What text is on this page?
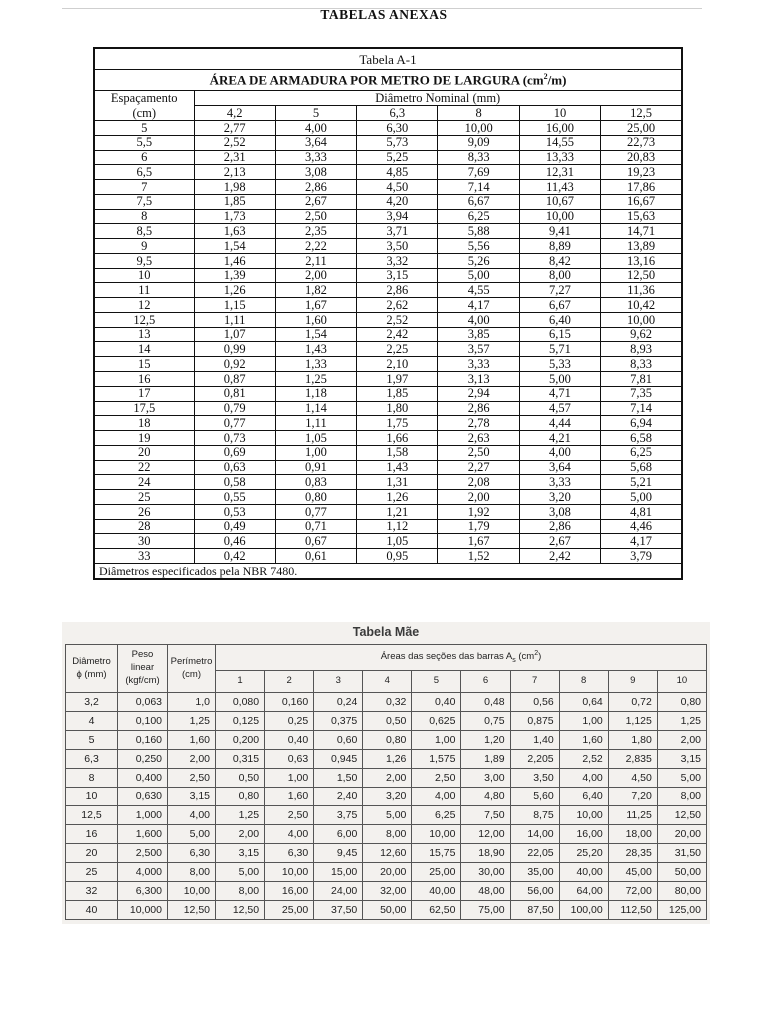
TABELAS ANEXAS
Tabela A-1						
ÁREA DE ARMADURA POR METRO DE LARGURA $(cm^2/m)$						
Espaçamento	Diâmetro Nominal (mm)					
(cm)	4,2	5	6,3	8	10	12,5
5	2,77	4,00	6,30	10,00	16,00	25,00
5,5	2,52	3,64	5,73	9,09	14,55	22,73
6	2,31	3,33	5,25	8,33	13,33	20,83
6,5	2,13	3,08	4,85	7,69	12,31	19,23
7	1,98	2,86	4,50	7,14	11,43	17,86
7,5	1,85	2,67	4,20	6,67	10,67	16,67
8	1,73	2,50	3,94	6,25	10,00	15,63
8,5	1,63	2,35	3,71	5,88	9,41	14,71
9	1,54	2,22	3,50	5,56	8,89	13,89
9,5	1,46	2,11	3,32	5,26	8,42	13,16
10	1,39	2,00	3,15	5,00	8,00	12,50
11	1,26	1,82	2,86	4,55	7,27	11,36
12	1,15	1,67	2,62	4,17	6,67	10,42
12,5	1,11	1,60	2,52	4,00	6,40	10,00
13	1,07	1,54	2,42	3,85	6,15	9,62
14	0,99	1,43	2,25	3,57	5,71	8,93
15	0,92	1,33	2,10	3,33	5,33	8,33
16	0,87	1,25	1,97	3,13	5,00	7,81
17	0,81	1,18	1,85	2,94	4,71	7,35
17,5	0,79	1,14	1,80	2,86	4,57	7,14
18	0,77	1,11	1,75	2,78	4,44	6,94
19	0,73	1,05	1,66	2,63	4,21	6,58
20	0,69	1,00	1,58	2,50	4,00	6,25
22	0,63	0,91	1,43	2,27	3,64	5,68
24	0,58	0,83	1,31	2,08	3,33	5,21
25	0,55	0,80	1,26	2,00	3,20	5,00
26	0,53	0,77	1,21	1,92	3,08	4,81
28	0,49	0,71	1,12	1,79	2,86	4,46
30	0,46	0,67	1,05	1,67	2,67	4,17
33	0,42	0,61	0,95	1,52	2,42	3,79
Diâmetros especificados pela NBR 7480.						
Tabela Mãe
Diâmetro
ϕ (mm)	Peso
linear
(kgf/cm)	Perímetro
(cm)	Áreas das seções das barras $A_s$ $(cm^2)$									
			1	2	3	4	5	6	7	8	9	10
3,2	0,063	1,0	0,080	0,160	0,24	0,32	0,40	0,48	0,56	0,64	0,72	0,80
4	0,100	1,25	0,125	0,25	0,375	0,50	0,625	0,75	0,875	1,00	1,125	1,25
5	0,160	1,60	0,200	0,40	0,60	0,80	1,00	1,20	1,40	1,60	1,80	2,00
6,3	0,250	2,00	0,315	0,63	0,945	1,26	1,575	1,89	2,205	2,52	2,835	3,15
8	0,400	2,50	0,50	1,00	1,50	2,00	2,50	3,00	3,50	4,00	4,50	5,00
10	0,630	3,15	0,80	1,60	2,40	3,20	4,00	4,80	5,60	6,40	7,20	8,00
12,5	1,000	4,00	1,25	2,50	3,75	5,00	6,25	7,50	8,75	10,00	11,25	12,50
16	1,600	5,00	2,00	4,00	6,00	8,00	10,00	12,00	14,00	16,00	18,00	20,00
20	2,500	6,30	3,15	6,30	9,45	12,60	15,75	18,90	22,05	25,20	28,35	31,50
25	4,000	8,00	5,00	10,00	15,00	20,00	25,00	30,00	35,00	40,00	45,00	50,00
32	6,300	10,00	8,00	16,00	24,00	32,00	40,00	48,00	56,00	64,00	72,00	80,00
40	10,000	12,50	12,50	25,00	37,50	50,00	62,50	75,00	87,50	100,00	112,50	125,00
